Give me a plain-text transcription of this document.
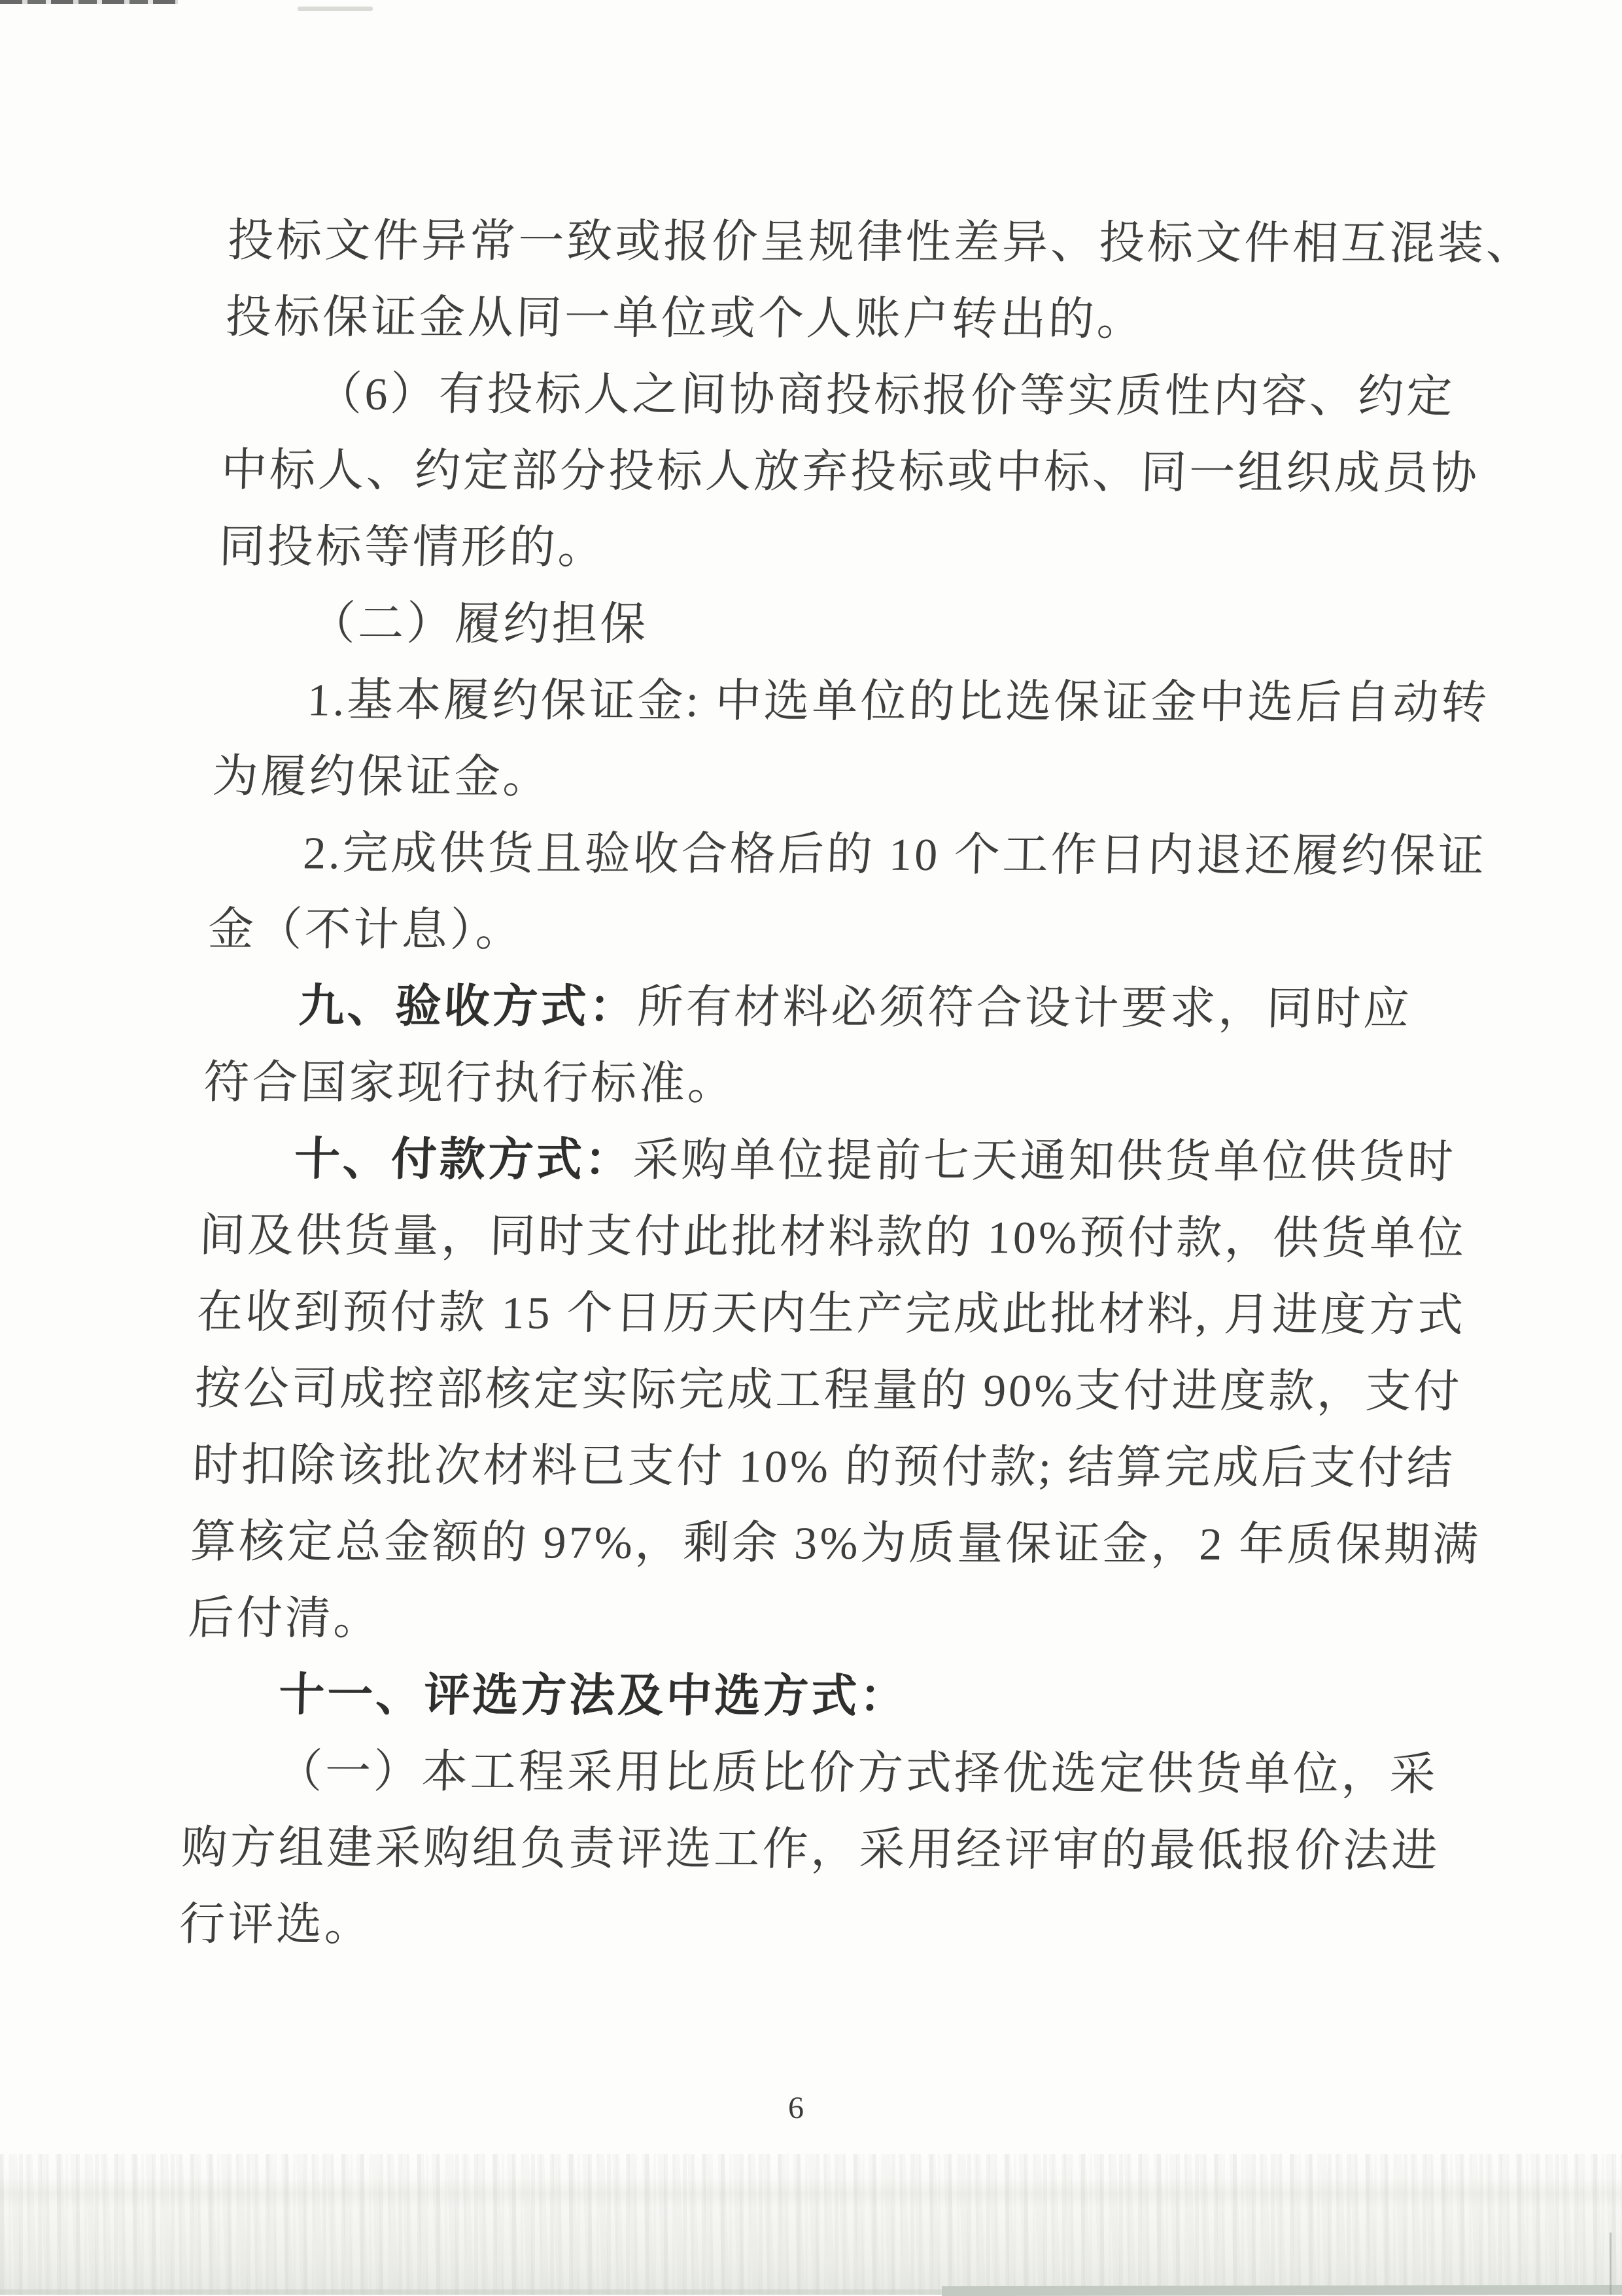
投标文件异常一致或报价呈规律性差异、投标文件相互混装、
投标保证金从同一单位或个人账户转出的。
（6）有投标人之间协商投标报价等实质性内容、约定
中标人、约定部分投标人放弃投标或中标、同一组织成员协
同投标等情形的。
（二）履约担保
1.基本履约保证金: 中选单位的比选保证金中选后自动转
为履约保证金。
2.完成供货且验收合格后的 10 个工作日内退还履约保证
金（不计息）。
九、验收方式：所有材料必须符合设计要求，同时应
符合国家现行执行标准。
十、付款方式：采购单位提前七天通知供货单位供货时
间及供货量，同时支付此批材料款的 10%预付款，供货单位
在收到预付款 15 个日历天内生产完成此批材料, 月进度方式
按公司成控部核定实际完成工程量的 90%支付进度款，支付
时扣除该批次材料已支付 10% 的预付款; 结算完成后支付结
算核定总金额的 97%，剩余 3%为质量保证金，2 年质保期满
后付清。
十一、评选方法及中选方式：
（一）本工程采用比质比价方式择优选定供货单位，采
购方组建采购组负责评选工作，采用经评审的最低报价法进
行评选。
6
